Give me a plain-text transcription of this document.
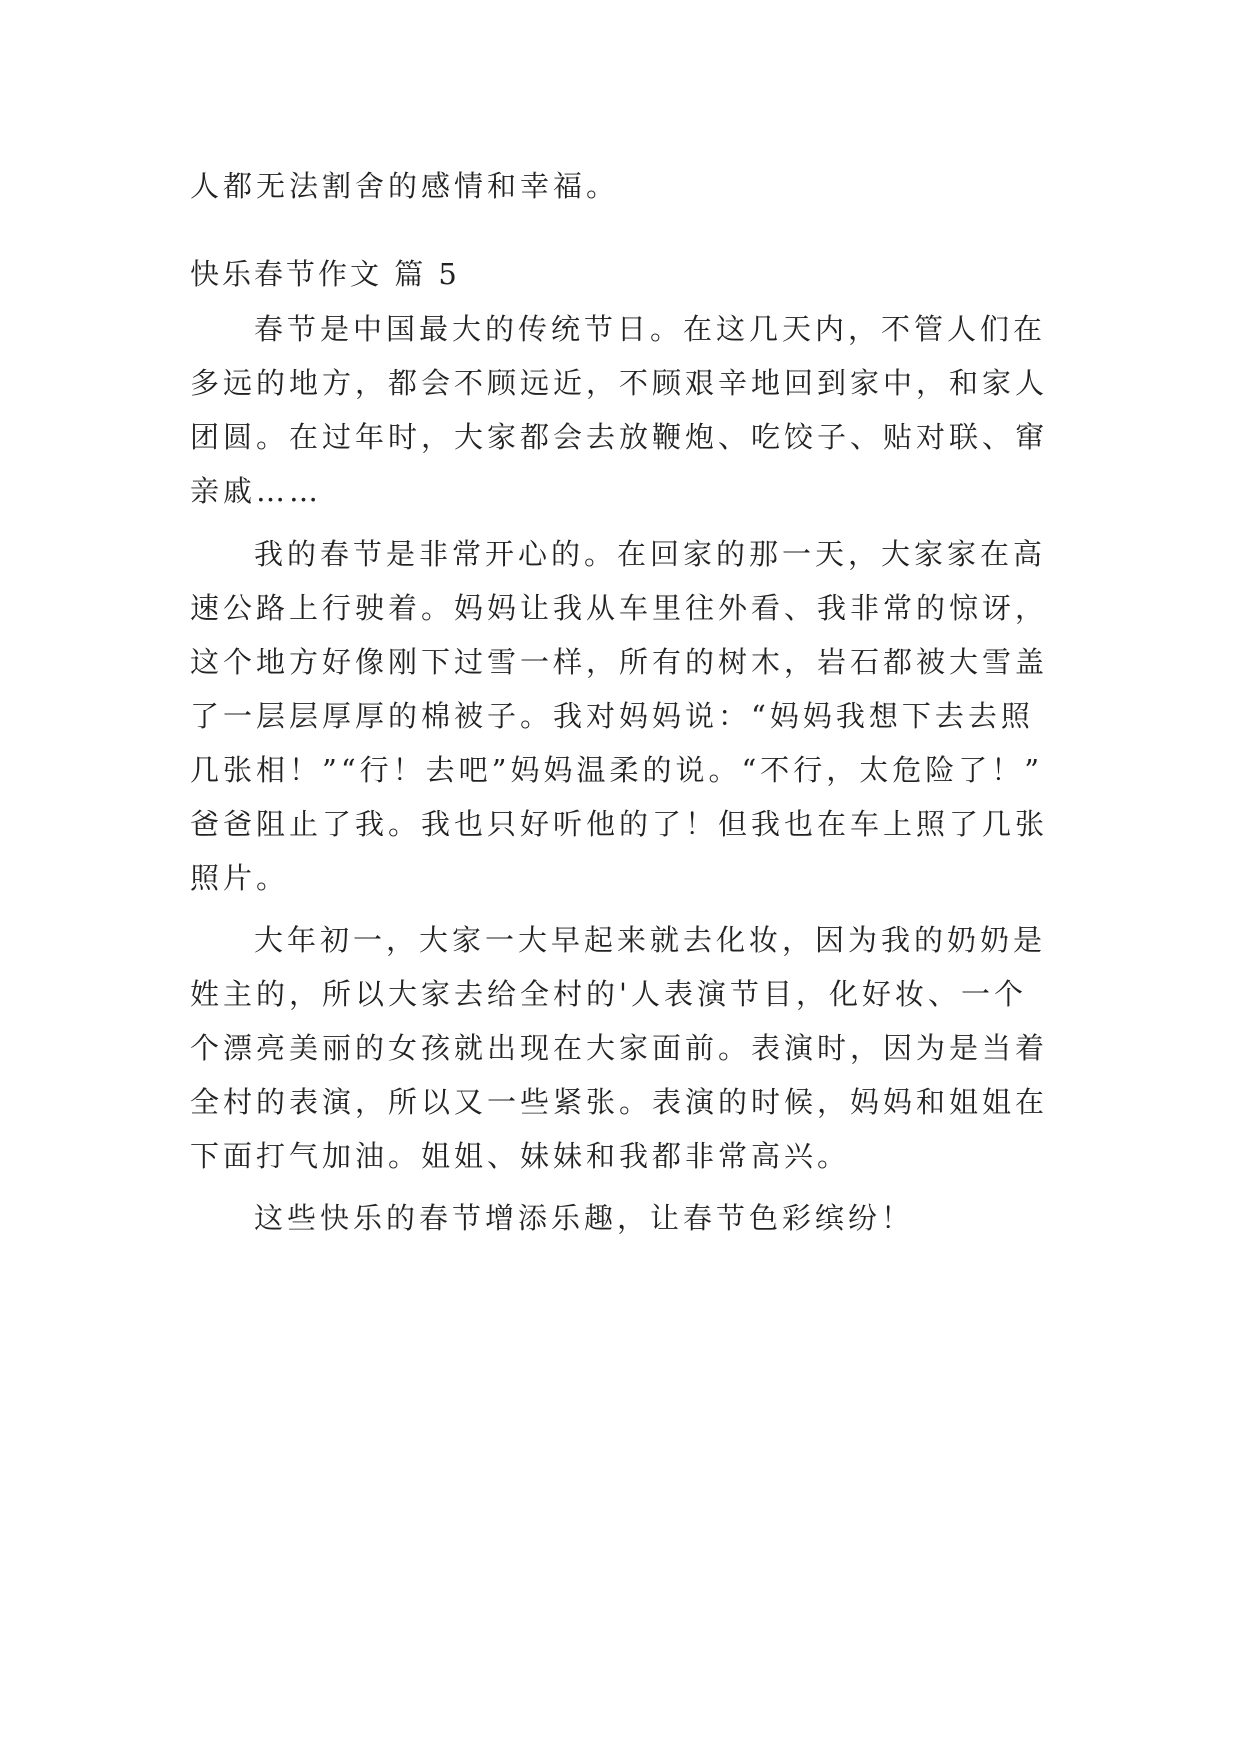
人都无法割舍的感情和幸福。
快乐春节作文 篇 5
春节是中国最大的传统节日。在这几天内，不管人们在
多远的地方，都会不顾远近，不顾艰辛地回到家中，和家人
团圆。在过年时，大家都会去放鞭炮、吃饺子、贴对联、窜
亲戚……
我的春节是非常开心的。在回家的那一天，大家家在高
速公路上行驶着。妈妈让我从车里往外看、我非常的惊讶，
这个地方好像刚下过雪一样，所有的树木，岩石都被大雪盖
了一层层厚厚的棉被子。我对妈妈说：“妈妈我想下去去照
几张相！”“行！去吧”妈妈温柔的说。“不行，太危险了！”
爸爸阻止了我。我也只好听他的了！但我也在车上照了几张
照片。
大年初一，大家一大早起来就去化妆，因为我的奶奶是
姓主的，所以大家去给全村的'人表演节目，化好妆、一个
个漂亮美丽的女孩就出现在大家面前。表演时，因为是当着
全村的表演，所以又一些紧张。表演的时候，妈妈和姐姐在
下面打气加油。姐姐、妹妹和我都非常高兴。
这些快乐的春节增添乐趣，让春节色彩缤纷！
